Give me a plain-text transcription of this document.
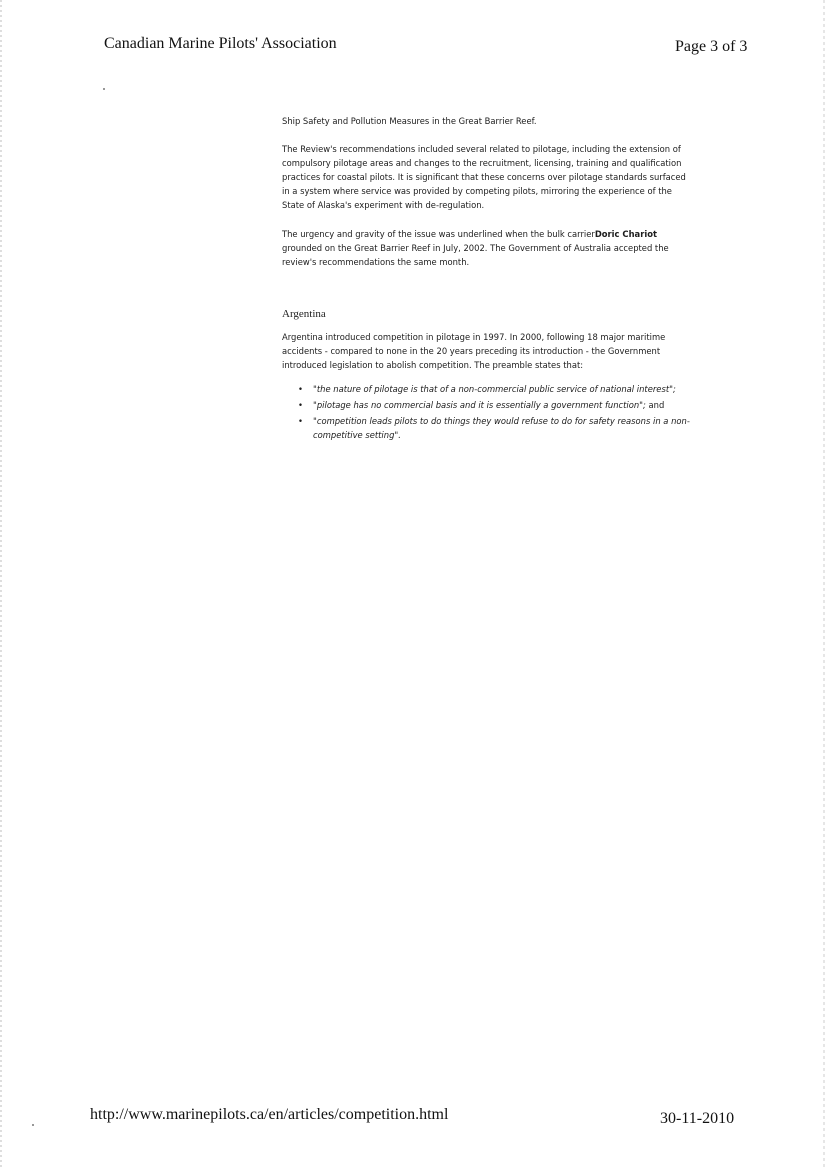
Canadian Marine Pilots' Association	Page 3 of 3

Ship Safety and Pollution Measures in the Great Barrier Reef.

The Review's recommendations included several related to pilotage, including the extension of compulsory pilotage areas and changes to the recruitment, licensing, training and qualification practices for coastal pilots. It is significant that these concerns over pilotage standards surfaced in a system where service was provided by competing pilots, mirroring the experience of the State of Alaska's experiment with de-regulation.

The urgency and gravity of the issue was underlined when the bulk carrierDoric Chariot grounded on the Great Barrier Reef in July, 2002. The Government of Australia accepted the review's recommendations the same month.

Argentina

Argentina introduced competition in pilotage in 1997. In 2000, following 18 major maritime accidents - compared to none in the 20 years preceding its introduction - the Government introduced legislation to abolish competition. The preamble states that:

• "the nature of pilotage is that of a non-commercial public service of national interest";
• "pilotage has no commercial basis and it is essentially a government function"; and
• "competition leads pilots to do things they would refuse to do for safety reasons in a non-competitive setting".
http://www.marinepilots.ca/en/articles/competition.html	30-11-2010
